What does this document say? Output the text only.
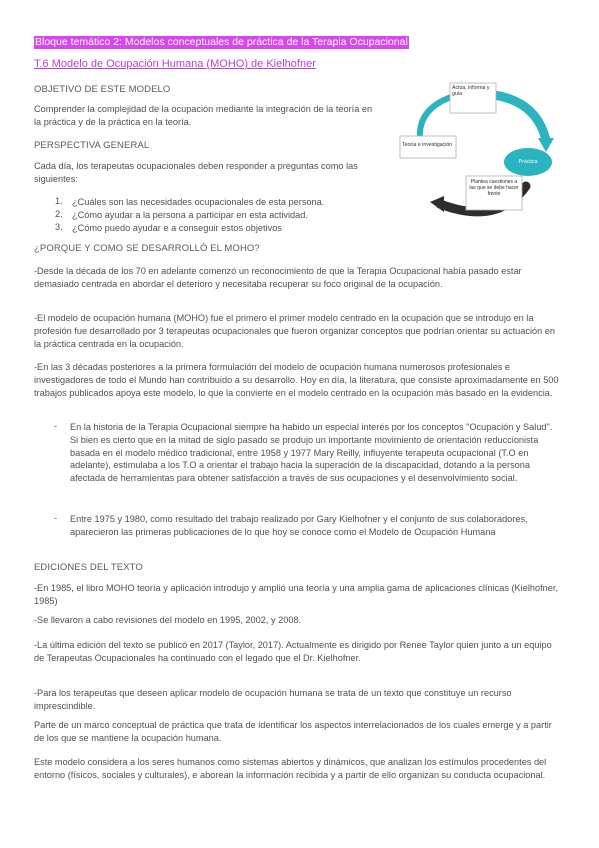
Bloque temático 2: Modelos conceptuales de práctica de la Terapia Ocupacional
T.6 Modelo de Ocupación Humana (MOHO) de Kielhofner
OBJETIVO DE ESTE MODELO
Comprender la complejidad de la ocupación mediante la integración de la teoría en la práctica y de la práctica en la teoría.
PERSPECTIVA GENERAL
Cada día, los terapeutas ocupacionales deben responder a preguntas como las siguientes:
1. ¿Cuáles son las necesidades ocupacionales de esta persona.
2. ¿Cómo ayudar a la persona a participar en esta actividad.
3. ¿Cómo puedo ayudar e a conseguir estos objetivos
Actúa, informa y guía
Teoría e investigación
Práctica
Plantea cuestiones a las que se debe hacer frente
¿PORQUE Y COMO SE DESARROLLÓ EL MOHO?
-Desde la década de los 70 en adelante comenzó un reconocimiento de que la Terapia Ocupacional había pasado estar demasiado centrada en abordar el deterioro y necesitaba recuperar su foco original de la ocupación.
-El modelo de ocupación humana (MOHO) fue el primero el primer modelo centrado en la ocupación que se introdujo en la profesión fue desarrollado por 3 terapeutas ocupacionales que fueron organizar conceptos que podrían orientar su actuación en la práctica centrada en la ocupación.
-En las 3 décadas posteriores a la primera formulación del modelo de ocupación humana numerosos profesionales e investigadores de todo el Mundo han contribuido a su desarrollo. Hoy en día, la literatura, que consiste aproximadamente en 500 trabajos publicados apoya este modelo, lo que la convierte en el modelo centrado en la ocupación más basado en la evidencia.
- En la historia de la Terapia Ocupacional siempre ha habido un especial interés por los conceptos "Ocupación y Salud". Si bien es cierto que en la mitad de siglo pasado se produjo un importante movimiento de orientación reduccionista basada en el modelo médico tradicional, entre 1958 y 1977 Mary Reilly, influyente terapeuta ocupacional (T.O en adelante), estimulaba a los T.O a orientar el trabajo hacia la superación de la discapacidad, dotando a la persona afectada de herramientas para obtener satisfacción a través de sus ocupaciones y el desenvolvimiento social.
- Entre 1975 y 1980, como resultado del trabajo realizado por Gary Kielhofner y el conjunto de sus colaboradores, aparecieron las primeras publicaciones de lo que hoy se conoce como el Modelo de Ocupación Humana
EDICIONES DEL TEXTO
-En 1985, el libro MOHO teoría y aplicación introdujo y amplió una teoría y una amplia gama de aplicaciones clínicas (Kielhofner, 1985)
-Se llevaron a cabo revisiones del modelo en 1995, 2002, y 2008.
-La última edición del texto se publicó en 2017 (Taylor, 2017). Actualmente es dirigido por Renee Taylor quien junto a un equipo de Terapeutas Ocupacionales ha continuado con el legado que el Dr. Kielhofner.
-Para los terapeutas que deseen aplicar modelo de ocupación humana se trata de un texto que constituye un recurso imprescindible.
Parte de un marco conceptual de práctica que trata de identificar los aspectos interrelacionados de los cuales emerge y a partir de los que se mantiene la ocupación humana.
Este modelo considera a los seres humanos como sistemas abiertos y dinámicos, que analizan los estímulos procedentes del entorno (físicos, sociales y culturales), e aborean la información recibida y a partir de ello organizan su conducta ocupacional.
